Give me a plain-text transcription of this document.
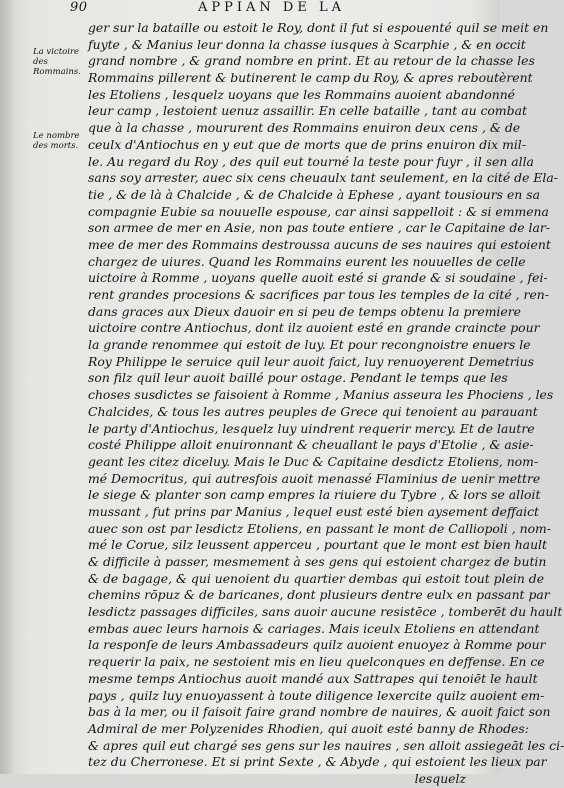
90	APPIAN DE LA
La victoire des Rommains.
Le nombre des morts.
ger sur la bataille ou estoit le Roy, dont il fut si espouenté quil se meit en
fuyte , & Manius leur donna la chasse iusques à Scarphie , & en occit
grand nombre , & grand nombre en print. Et au retour de la chasse les
Rommains pillerent & butinerent le camp du Roy, & apres reboutèrent
les Etoliens , lesquelz uoyans que les Rommains auoient abandonné
leur camp , lestoient uenuz assaillir. En celle bataille , tant au combat
que à la chasse , moururent des Rommains enuiron deux cens , & de
ceulx d'Antiochus en y eut que de morts que de prins enuiron dix mil-
le. Au regard du Roy , des quil eut tourné la teste pour fuyr , il sen alla
sans soy arrester, auec six cens cheuaulx tant seulement, en la cité de Ela-
tie , & de là à Chalcide , & de Chalcide à Ephese , ayant tousiours en sa
compagnie Eubie sa nouuelle espouse, car ainsi sappelloit : & si emmena
son armee de mer en Asie, non pas toute entiere , car le Capitaine de lar-
mee de mer des Rommains destroussa aucuns de ses nauires qui estoient
chargez de uiures. Quand les Rommains eurent les nouuelles de celle
uictoire à Romme , uoyans quelle auoit esté si grande & si soudaine , fei-
rent grandes procesions & sacrifices par tous les temples de la cité , ren-
dans graces aux Dieux dauoir en si peu de temps obtenu la premiere
uictoire contre Antiochus, dont ilz auoient esté en grande craincte pour
la grande renommee qui estoit de luy. Et pour recongnoistre enuers le
Roy Philippe le seruice quil leur auoit faict, luy renuoyerent Demetrius
son filz quil leur auoit baillé pour ostage. Pendant le temps que les
choses susdictes se faisoient à Romme , Manius asseura les Phociens , les
Chalcides, & tous les autres peuples de Grece qui tenoient au parauant
le party d'Antiochus, lesquelz luy uindrent requerir mercy. Et de lautre
costé Philippe alloit enuironnant & cheuallant le pays d'Etolie , & asie-
geant les citez diceluy. Mais le Duc & Capitaine desdictz Etoliens, nom-
mé Democritus, qui autresfois auoit menassé Flaminius de uenir mettre
le siege & planter son camp empres la riuiere du Tybre , & lors se alloit
mussant , fut prins par Manius , lequel eust esté bien aysement deffaict
auec son ost par lesdictz Etoliens, en passant le mont de Calliopoli , nom-
mé le Corue, silz leussent apperceu , pourtant que le mont est bien hault
& difficile à passer, mesmement à ses gens qui estoient chargez de butin
& de bagage, & qui uenoient du quartier dembas qui estoit tout plein de
chemins rōpuz & de baricanes, dont plusieurs dentre eulx en passant par
lesdictz passages difficiles, sans auoir aucune resistēce , tomberēt du hault
embas auec leurs harnois & cariages. Mais iceulx Etoliens en attendant
la responſe de leurs Ambassadeurs quilz auoient enuoyez à Romme pour
requerir la paix, ne sestoient mis en lieu quelconques en deffense. En ce
mesme temps Antiochus auoit mandé aux Sattrapes qui tenoiēt le hault
pays , quilz luy enuoyassent à toute diligence lexercite quilz auoient em-
bas à la mer, ou il faisoit faire grand nombre de nauires, & auoit faict son
Admiral de mer Polyzenides Rhodien, qui auoit esté banny de Rhodes:
& apres quil eut chargé ses gens sur les nauires , sen alloit assiegeāt les ci-
tez du Cherronese. Et si print Sexte , & Abyde , qui estoient les lieux par
lesquelz
